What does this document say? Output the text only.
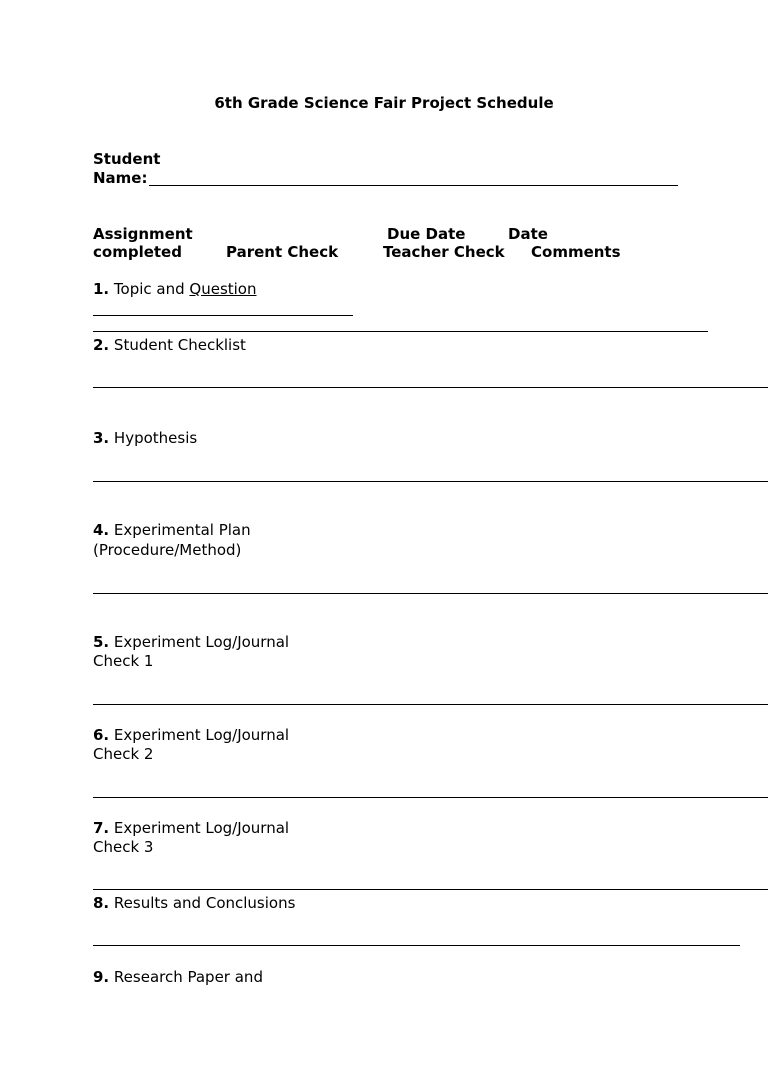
6th Grade Science Fair Project Schedule
Student
Name:
Assignment	Due Date	Date
completed	Parent Check	Teacher Check Comments
1. Topic and Question
2. Student Checklist
3. Hypothesis
4. Experimental Plan
(Procedure/Method)
5. Experiment Log/Journal
Check 1
6. Experiment Log/Journal
Check 2
7. Experiment Log/Journal
Check 3
8. Results and Conclusions
9. Research Paper and
